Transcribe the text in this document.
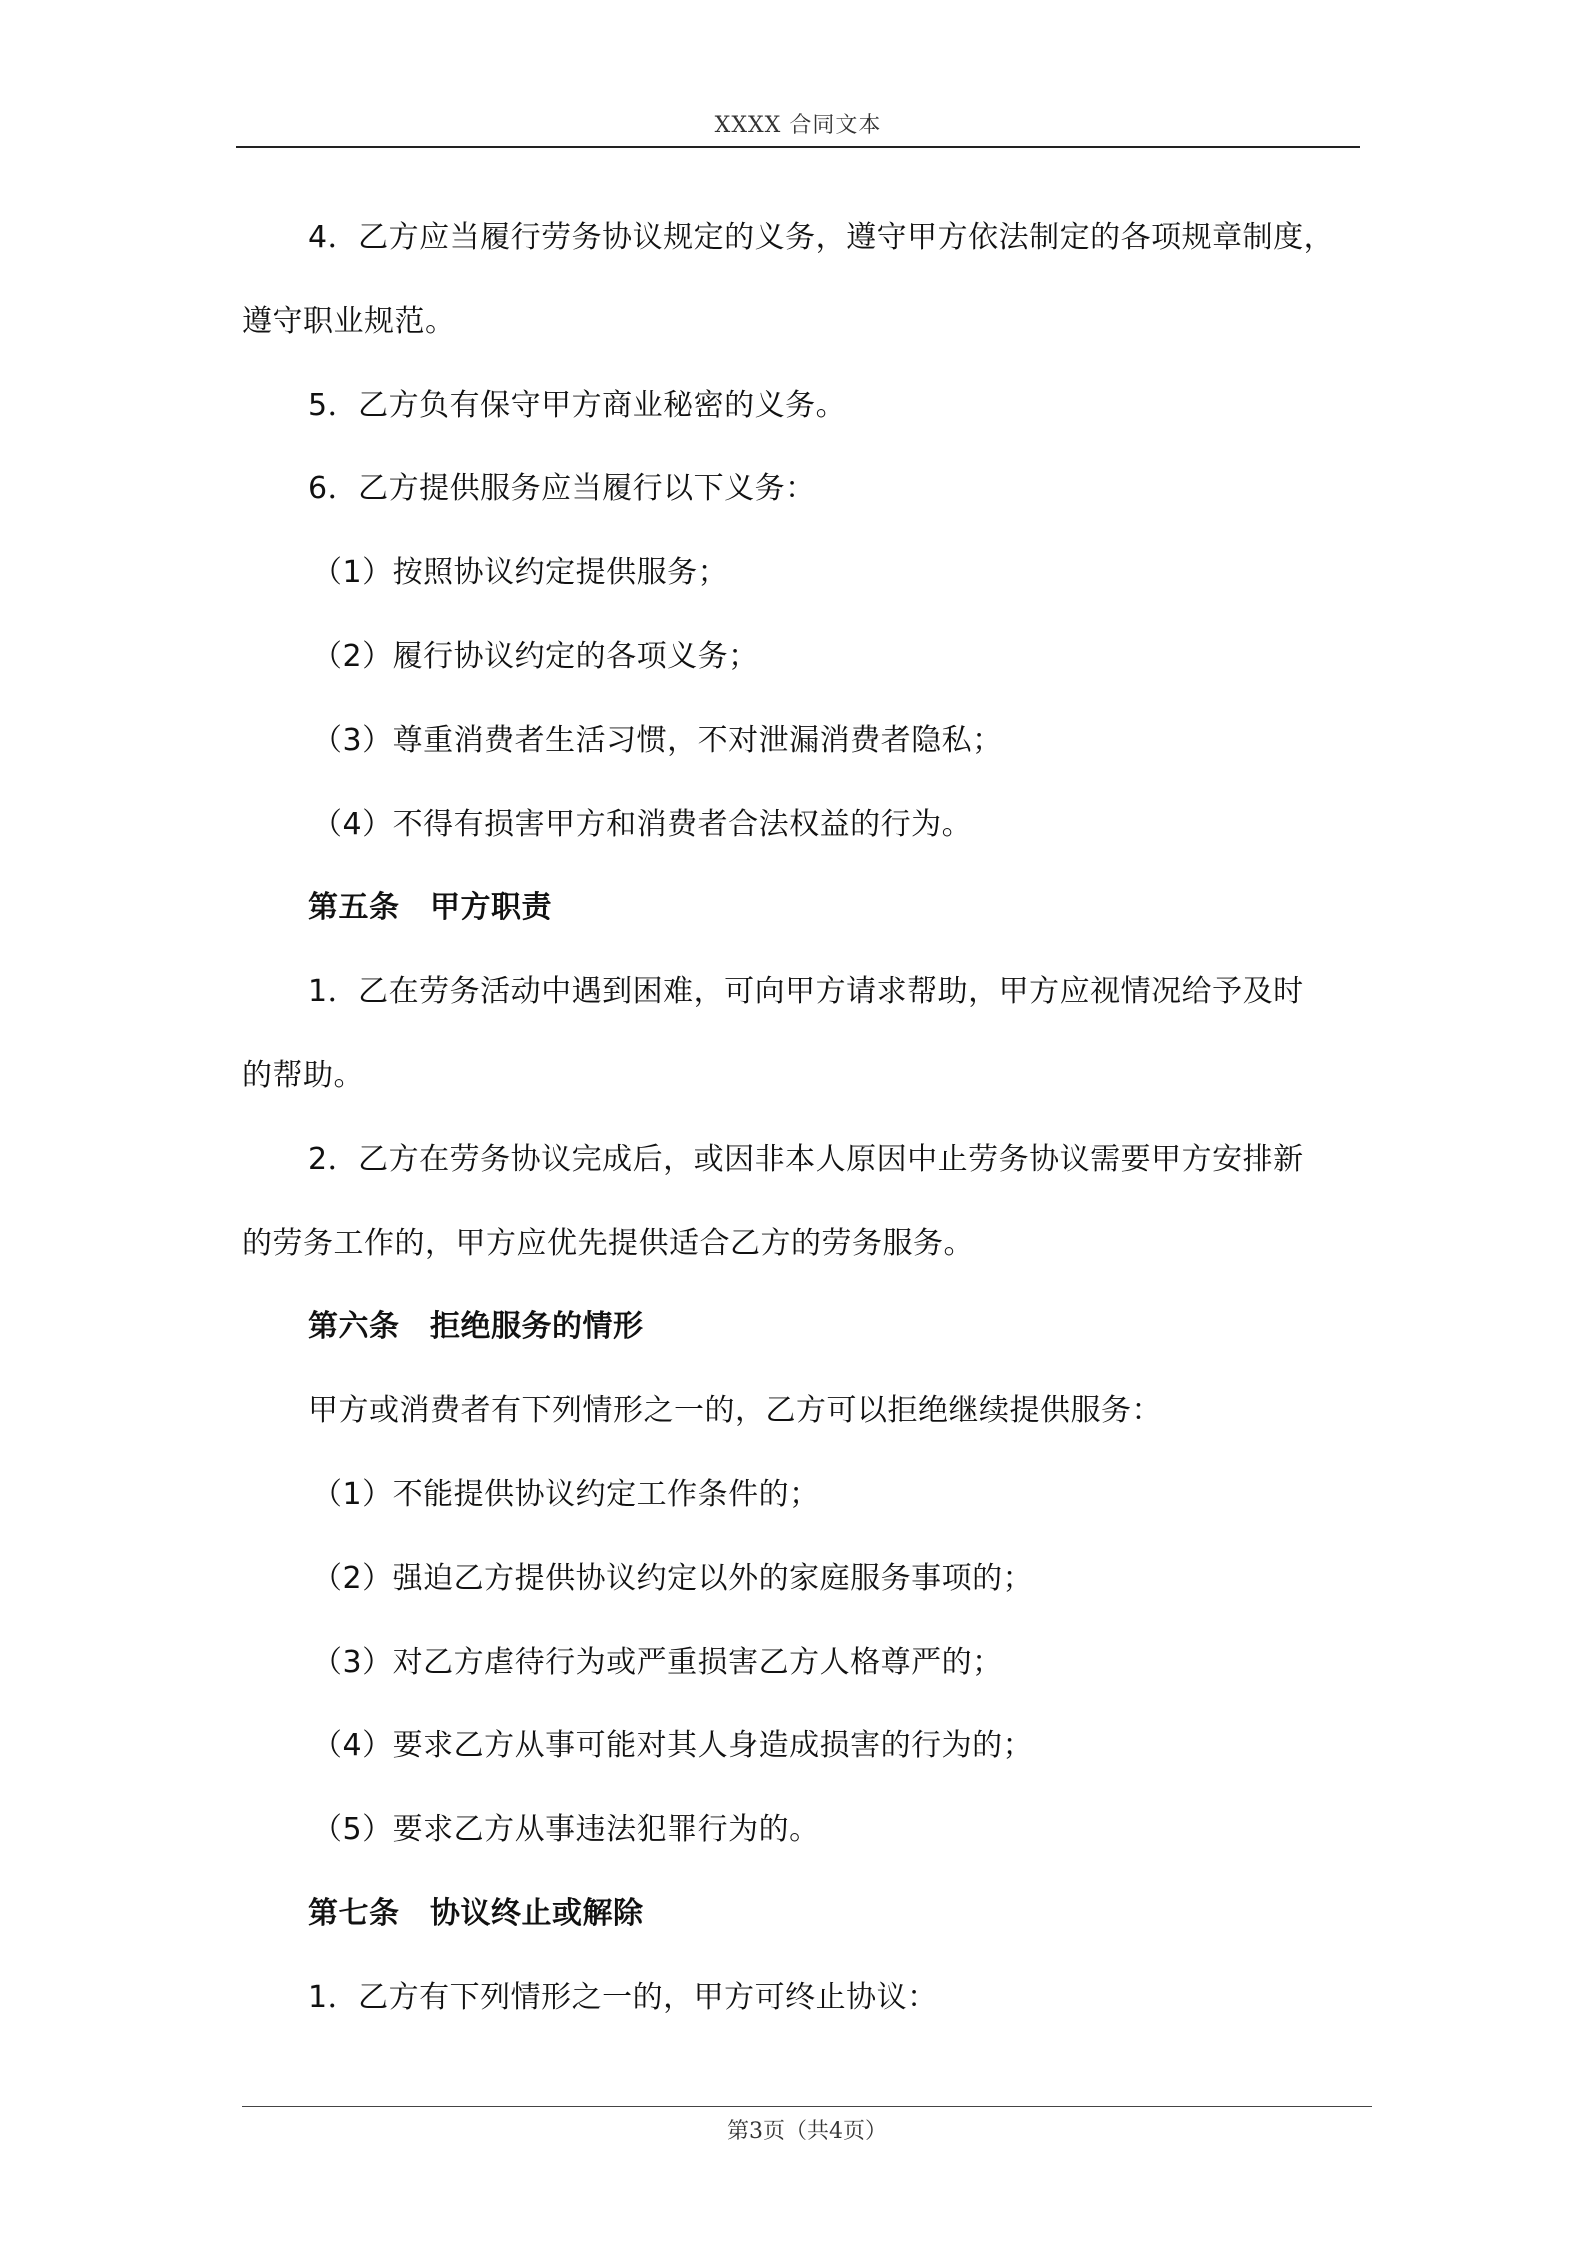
XXXX 合同文本
4．乙方应当履行劳务协议规定的义务，遵守甲方依法制定的各项规章制度，
遵守职业规范。
5．乙方负有保守甲方商业秘密的义务。
6．乙方提供服务应当履行以下义务：
（1）按照协议约定提供服务；
（2）履行协议约定的各项义务；
（3）尊重消费者生活习惯，不对泄漏消费者隐私；
（4）不得有损害甲方和消费者合法权益的行为。
第五条　甲方职责
1．乙在劳务活动中遇到困难，可向甲方请求帮助，甲方应视情况给予及时
的帮助。
2．乙方在劳务协议完成后，或因非本人原因中止劳务协议需要甲方安排新
的劳务工作的，甲方应优先提供适合乙方的劳务服务。
第六条　拒绝服务的情形
甲方或消费者有下列情形之一的，乙方可以拒绝继续提供服务：
（1）不能提供协议约定工作条件的；
（2）强迫乙方提供协议约定以外的家庭服务事项的；
（3）对乙方虐待行为或严重损害乙方人格尊严的；
（4）要求乙方从事可能对其人身造成损害的行为的；
（5）要求乙方从事违法犯罪行为的。
第七条　协议终止或解除
1．乙方有下列情形之一的，甲方可终止协议：
第3页（共4页）
